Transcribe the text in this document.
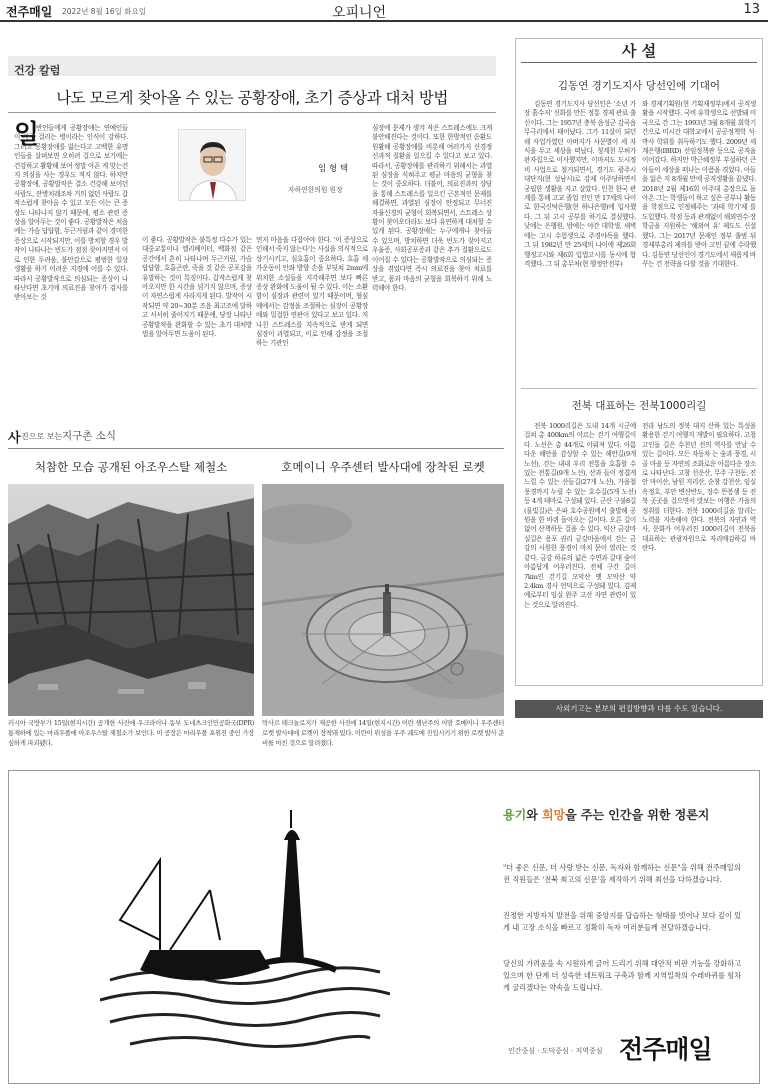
전주매일 2022년 8월 16일 화요일	오피니언	13
건강 칼럼
나도 모르게 찾아올 수 있는 공황장애, 초기 증상과 대처 방법
일
반인들에게 공황장애는 연예인들이 자주 걸리는 병이라는 인식이 강하다. 그러고 공황장애를 앓는다고 고백한 유명인들을 살펴보면 오히려 걸으로 보기에는 건강하고 활황해 보여 정말 아픈 게 맞는건지 의심을 사는 경우도 적지 않다. 하지만 공황장애, 공황발작은 결소 건강해 보이던 사람도, 잔병치레조차 거의 없던 사람도 갑작스럽게 찾아올 수 있고 모든 이는 큰 증상도 나타나지 않기 때문에, 평소 관련 증상을 알아두는 것이 좋다. 공황발작은 처음에는 가슴 답답함, 두근거림과 같이 경미한 증상으로 시작되지만, 이를 방치할 경우 발작이 나타나는 빈도가 점점 잦아지면서 이로 인한 두려움, 불안감으로 평범한 일상 생활을 하기 어려운 지경에 이를 수 있다. 따라서 공황발작으로 의심되는 증상이 나타난다면 초기에 의료진을 찾아가 검사를 받아보는 것
임 형 택
자하연한의원 원장
이 좋다. 공황발작은 불특정 다수가 있는 대중교통이나 엘리베이터, 백화점 같은 공간에서 흔히 나타나며 두근거림, 가슴 답답함, 호흡곤란, 죽을 것 같은 공포감을 유발하는 것이 특징이다. 갑작스럽게 찾아오지만 한 시간을 넘기지 않으며, 증상이 자연스럽게 사라지게 된다. 발작이 시작되면 약 20~30분 즈음 최고조에 달하고 서서히 줄어지기 때문에, 당장 나타난 공황발작을 완화할 수 있는 초기 대처방법을 알아두면 도움이 된다.
먼저 마음을 다잡아야 한다. '이 증상으로 인해서 죽지 않는다'는 사실을 의식적으로 상기시키고, 심호흡이 중요하다. 호흡 세가운동이 안좌 방향 손을 부딪쳐 2mm에 위치한 소설들을 지각해주면 보다 빠른 증상 완화에 도움이 될 수 있다. 이는 소환함이 심장과 관련이 있기 때문이며, 혈심매에서는 감정을 조절하는 심장이 공황장애와 밀접한 연관이 있다고 보고 있다. 지나친 스트레스를 지속적으로 받게 되면 심장이 과열되고, 이로 인해 감정을 조절하는 기관인
심장에 문제가 생겨 작은 스트레스에도 크게 불안해진다는 것이다. 또한 한방적인 순환도 원활해 공황장애를 비롯해 여러가지 신경정신과적 질환을 일으킬 수 있다고 보고 있다. 따라서, 공황장애를 관리하기 위해서는 과열된 심장을 식혀주고 평균 마음의 균형을 찾는 것이 중요하다. 더불어, 의료진과의 상담을 통해 스트레스를 일으킨 근본적인 문제를 해결하면, 과열된 심장이 안정되고 무너진 자율신경의 균형이 회복되면서, 스트레스 상황이 찾아오더라도 보다 유연하게 대처할 수 있게 된다. 공황장애는 누구에게나 찾아올 수 있으며, 방치하면 더욱 빈도가 잦아지고 우울증, 사회공포증과 같은 추가 질환으로도 이어질 수 있다는 공황발작으로 의심되는 증상을 겪었다면 즉시 의료진을 찾아 치료를 받고, 몸과 마음의 균형을 회복하기 위해 노력해야 한다.
사 설
김동연 경기도지사 당선인에 기대어
김동연 경기도지사 당선인은 '소년 가장 흙수저' 신화를 만든 정통 경제 관료 출신이다. 그는 1957년 충북 음성군 감곡읍 무극리에서 태어났다. 그가 11살이 되던 해 사업가였던 아버지가 사문별이 세 자식을 두고 세상을 떠났다. 청계천 무허가 판자집으로 이사했지만, 이마저도 도시정비 사업으로 철거되면서, 경기도 광주시 대단지(현 성남시)로 강제 이주당하면서 궁핍한 생활을 지고 살았다. 인천 한국 관계를 통해 고교 졸업 전인 만 17세의 나이로 한국신탁은행(현 하나은행)에 입사했다. 그 뒤 고시 공부를 하기로 결심했다. 낮에는 은행원, 밤에는 야간 대학생, 새벽에는 고시 수험생으로 주경야독을 했다. 그 뒤 1982년 만 25세의 나이에 제26회 행정고시와 제6회 입법고시를 동시에 합격했다. 그 뒤 총무처(현 행정안전부)
와 경제기획원(현 기획재정부)에서 공직생활을 시작했다. 국비 유학생으로 선발돼 미국으로 간 그는 1993년 3월 8개월 회학기간으로 미시간 대학교에서 공공정책학 석·박사 학위를 취득하기도 했다. 2009년 세계은행(IBRD) 선임정책관 등으로 공직을 이어갔다. 하지만 박근혜정부 부설하던 큰아들이 세상을 떠나는 아픔을 겪었다. 아들을 잃은 지 8개월 만에 공직생활을 끝냈다. 2018년 2월 제16회 아주대 총장으로 돌아온 그는 학생들이 하고 싶은 공부나 활동을 학점으로 인정해주는 '과테 학기'제 를 도입했다. 학점 등과 관계없이 해외연수·장학금을 지원하는 '해외여 유' 제도도 신설했다. 그는 2017년 문재인 정부 출범 뒤 경제부총리 제의를 받아 고민 끝에 수락했다. 김동연 당선인이 경기도에서 새롭게 바꾸는 건 전략을 다할 것을 기대한다.
전북 대표하는 전북1000리길
전북 1000리길은 도내 14개 시군에 걸쳐 총 400km의 이르는 걷기 여행길이다. 노선은 총 44개로 이뤄져 있다. 아름다운 해안을 감상할 수 있는 해안길(9개 노선), 걷는 내내 우리 전통을 호흡할 수 있는 전통길(9개 노선), 산과 들이 정겹게 느낄 수 있는 산들길(27개 노선), 가을철 풍경까지 누릴 수 있는 호수길(5개 노선) 등 4개 테마로 구성돼 있다. 군산 구불8길(물빛길)은 은파 호수공원에서 출발해 공원을 한 바퀴 돌아오는 길이다. 오른 길이 없어 산책하듯 걸을 수 있다. 익산 금강마실길은 용포 권리 금강마을에서 걷는 금강의 시원한 풍경이 마치 문이 열리는 것 같다. 금강 하류의 넓은 수면과 갈대 숲이 아름답게 어우러진다. 전체 구간 길이 7km인 걷기길 모악산 옛 모악산 약 2.4km 경사 언덕으로 구성돼 있다. 김제 예로부터 임실 완주 고산 자연 관련이 있는 것으로 알려진다.
전라 남도의 정북 대지 산하 있는 특성을 활용한 걷기 여행지 개발이 필요하다. 고창 고인돌 길은 수천년 전의 역사를 만날 수 있는 길이다. 모든 자동차 는 숲과 풍경, 시골 마을 등 자연의 조화로운 아름다운 장소로 나타난다. 고창 선운산, 무주 구천동, 진안 마이산, 남원 지리산, 순창 강천산, 임실 옥정호, 부안 변산반도, 장수 뜬봉샘 등 전북 곳곳을 걸으면서 맛보는 여행은 가을의 정취를 더한다. 전북 1000리길을 알리는 노력을 지속해야 한다. 전북의 자연과 역사, 문화가 어우러진 1000리길이 전북을 대표하는 관광자원으로 자리매김하길 바란다.
사외기고는 본보의 편집방향과 다를 수도 있습니다.
사 진으로 보는 지구촌 소식
처참한 모습 공개된 아조우스탈 제철소	호메이니 우주센터 발사대에 장착된 로켓
러시아 국방부가 15일(현지시간) 공개한 사진에 우크라이나 동부 도네츠크인민공화국(DPR) 통제하에 있는 마리우폴에 아조우스탈 제철소가 보인다. 이 공장은 마리우폴 포위전 중인 가장 심하게 파괴됐다.
막사르 테크놀로지가 제공한 사진에 14일(현지시간) 이란 셈난주의 이맘 호메이니 우주센터 로켓 발사대에 로켓이 장착돼 있다. 이란이 위성을 우주 궤도에 진입시키기 위한 로켓 발사 준비를 마친 것으로 알려졌다.
용기와 희망을 주는 인간을 위한 정론지
"더 좋은 신문, 더 사랑 받는 신문, 독자와 함께하는 신문"을 위해 전주매일의 전 직원들은 '전북 최고의 신문'을 제작하기 위해 최선을 다하겠습니다.
진정한 지방자치 발전을 위해 중앙지를 답습하는 형태를 벗어나 보다 깊이 있게 내 고장 소식을 빠르고 정확히 독자 여러분들께 전달하겠습니다.
당신의 가려움을 속 시원하게 긁어 드리기 위해 대안적 비판 기능을 강화하고 있으며 한 단계 더 성숙한 네트워크 구축과 함께 지역밀착의 수레바퀴를 힘차게 굴리겠다는 약속을 드립니다.
인간중심 · 도덕중심 · 지역중심 전주매일
